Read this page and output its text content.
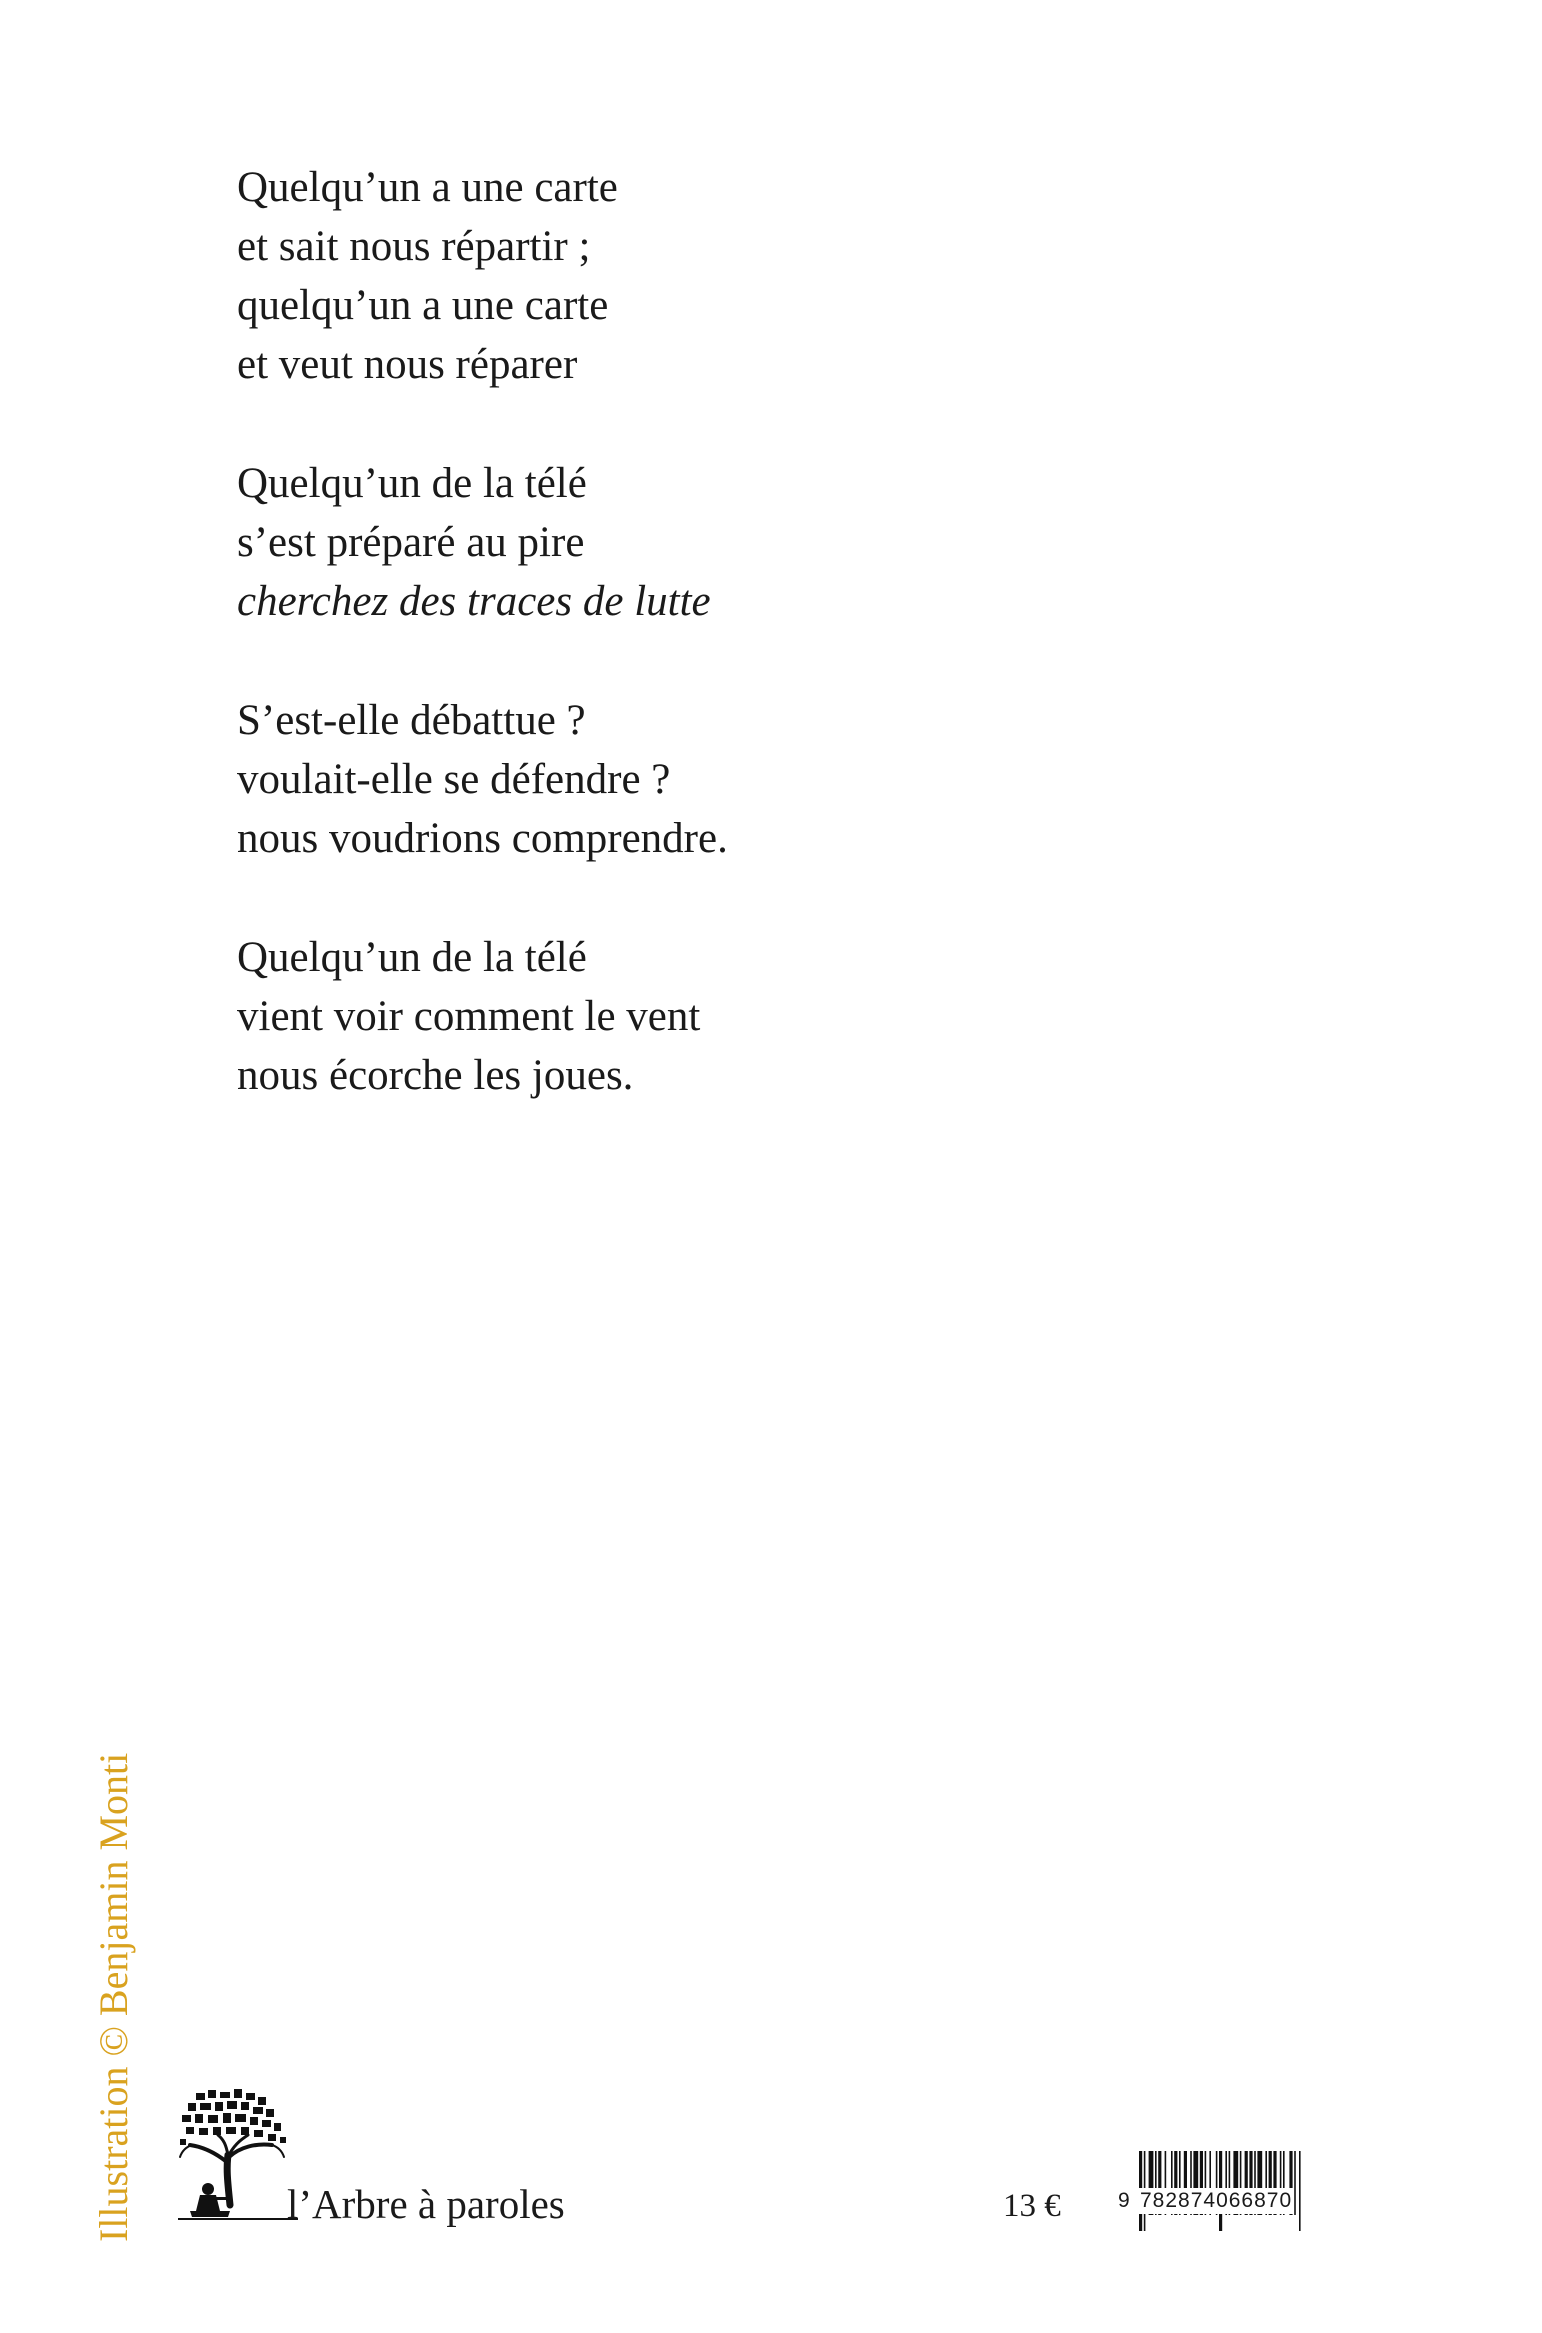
Quelqu’un a une carte
et sait nous répartir ;
quelqu’un a une carte
et veut nous réparer
Quelqu’un de la télé
s’est préparé au pire
cherchez des traces de lutte
S’est-elle débattue ?
voulait-elle se défendre ?
nous voudrions comprendre.
Quelqu’un de la télé
vient voir comment le vent
nous écorche les joues.
Illustration © Benjamin Monti	l’Arbre à paroles	13 €	9 782874066870
